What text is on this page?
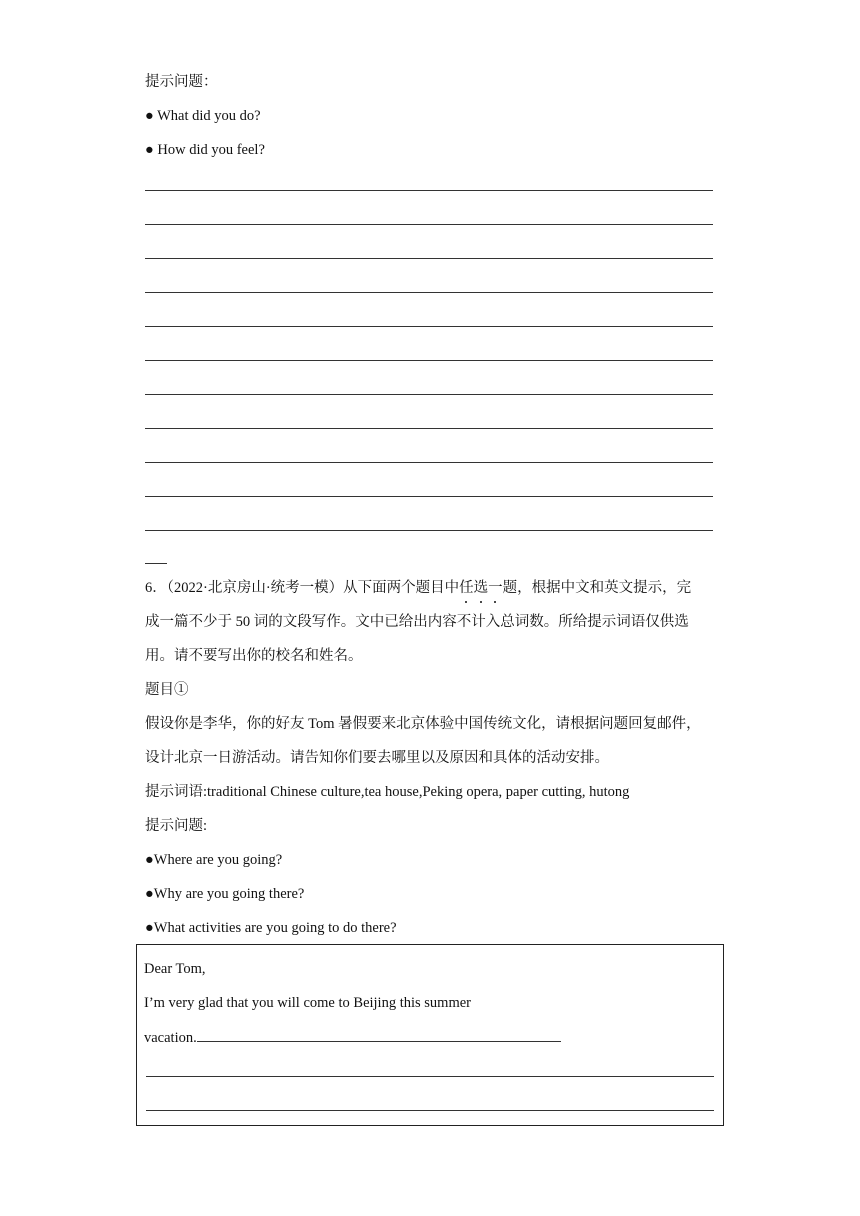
提示问题：
● What did you do?
● How did you feel?
6．（2022·北京房山·统考一模）从下面两个题目中任选一题，根据中文和英文提示，完
成一篇不少于 50 词的文段写作。文中已给出内容不计入总词数。所给提示词语仅供选
用。请不要写出你的校名和姓名。
题目①
假设你是李华，你的好友 Tom 暑假要来北京体验中国传统文化，请根据问题回复邮件，
设计北京一日游活动。请告知你们要去哪里以及原因和具体的活动安排。
提示词语:traditional Chinese culture,tea house,Peking opera, paper cutting, hutong
提示问题:
●Where are you going?
●Why are you going there?
●What activities are you going to do there?
Dear Tom,
I’m very glad that you will come to Beijing this summer
vacation.
